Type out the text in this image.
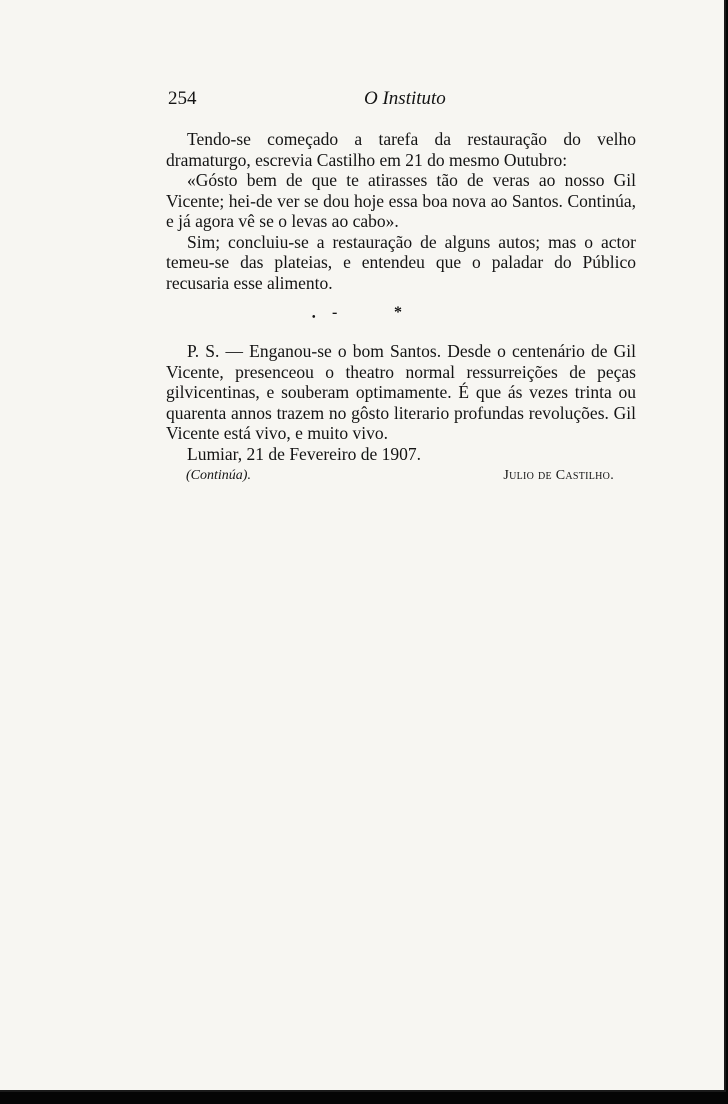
254	O Instituto

Tendo-se começado a tarefa da restauração do velho dramaturgo, escrevia Castilho em 21 do mesmo Outubro:

«Gósto bem de que te atirasses tão de veras ao nosso Gil Vicente; hei-de ver se dou hoje essa boa nova ao Santos. Continúa, e já agora vê se o levas ao cabo».

Sim; concluiu-se a restauração de alguns autos; mas o actor temeu-se das plateias, e entendeu que o paladar do Público recusaria esse alimento.

• -	*

P. S. — Enganou-se o bom Santos. Desde o centenário de Gil Vicente, presenceou o theatro normal ressurreições de peças gilvicentinas, e souberam optimamente. É que ás vezes trinta ou quarenta annos trazem no gôsto literario profundas revoluções. Gil Vicente está vivo, e muito vivo.

Lumiar, 21 de Fevereiro de 1907.

(Continúa).	Julio de Castilho.
